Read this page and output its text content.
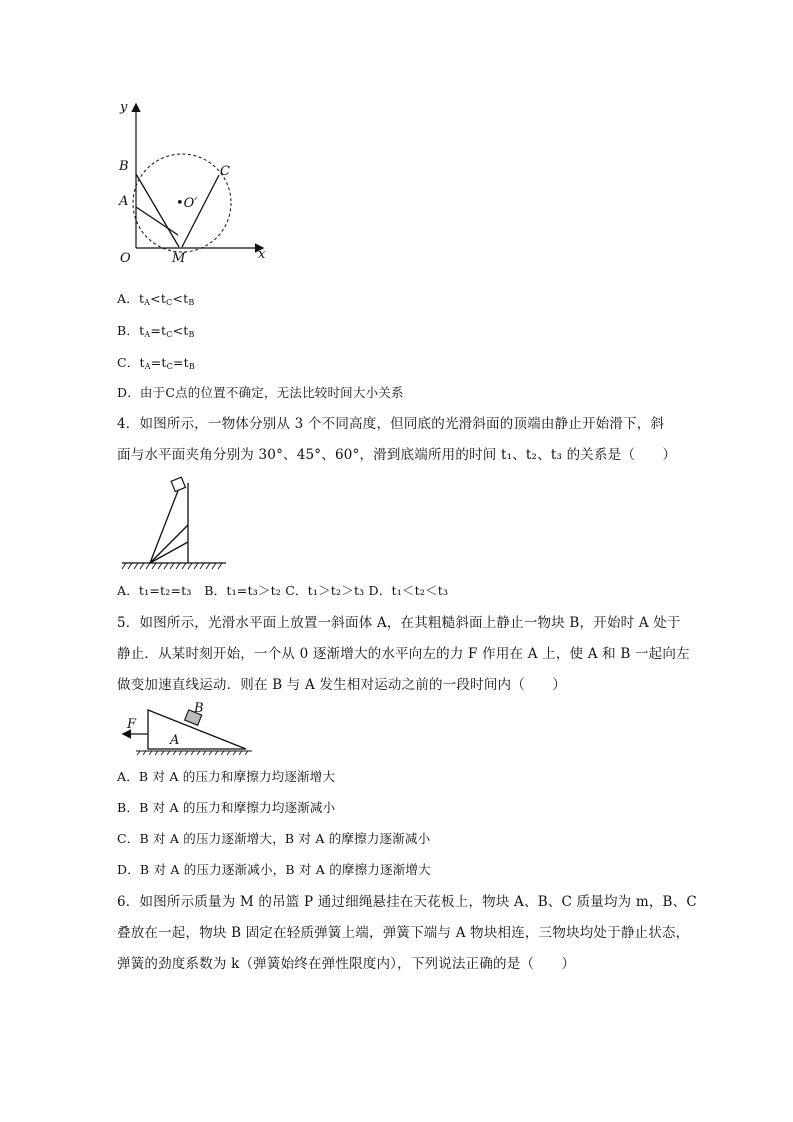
y
B
A
C
•O′
O	M	x
A．tA<tC<tB
B．tA=tC<tB
C．tA=tC=tB
D．由于C点的位置不确定，无法比较时间大小关系
4．如图所示，一物体分别从 3 个不同高度，但同底的光滑斜面的顶端由静止开始滑下，斜
面与水平面夹角分别为 30°、45°、60°，滑到底端所用的时间 t₁、t₂、t₃ 的关系是（　　）
A．t₁=t₂=t₃　B．t₁=t₃＞t₂ C．t₁＞t₂＞t₃ D．t₁＜t₂＜t₃
5．如图所示，光滑水平面上放置一斜面体 A，在其粗糙斜面上静止一物块 B，开始时 A 处于
静止．从某时刻开始，一个从 0 逐渐增大的水平向左的力 F 作用在 A 上，使 A 和 B 一起向左
做变加速直线运动．则在 B 与 A 发生相对运动之前的一段时间内（　　）
F
A
B
A．B 对 A 的压力和摩擦力均逐渐增大
B．B 对 A 的压力和摩擦力均逐渐减小
C．B 对 A 的压力逐渐增大，B 对 A 的摩擦力逐渐减小
D．B 对 A 的压力逐渐减小，B 对 A 的摩擦力逐渐增大
6．如图所示质量为 M 的吊篮 P 通过细绳悬挂在天花板上，物块 A、B、C 质量均为 m，B、C
叠放在一起，物块 B 固定在轻质弹簧上端，弹簧下端与 A 物块相连，三物块均处于静止状态，
弹簧的劲度系数为 k（弹簧始终在弹性限度内），下列说法正确的是（　　）
